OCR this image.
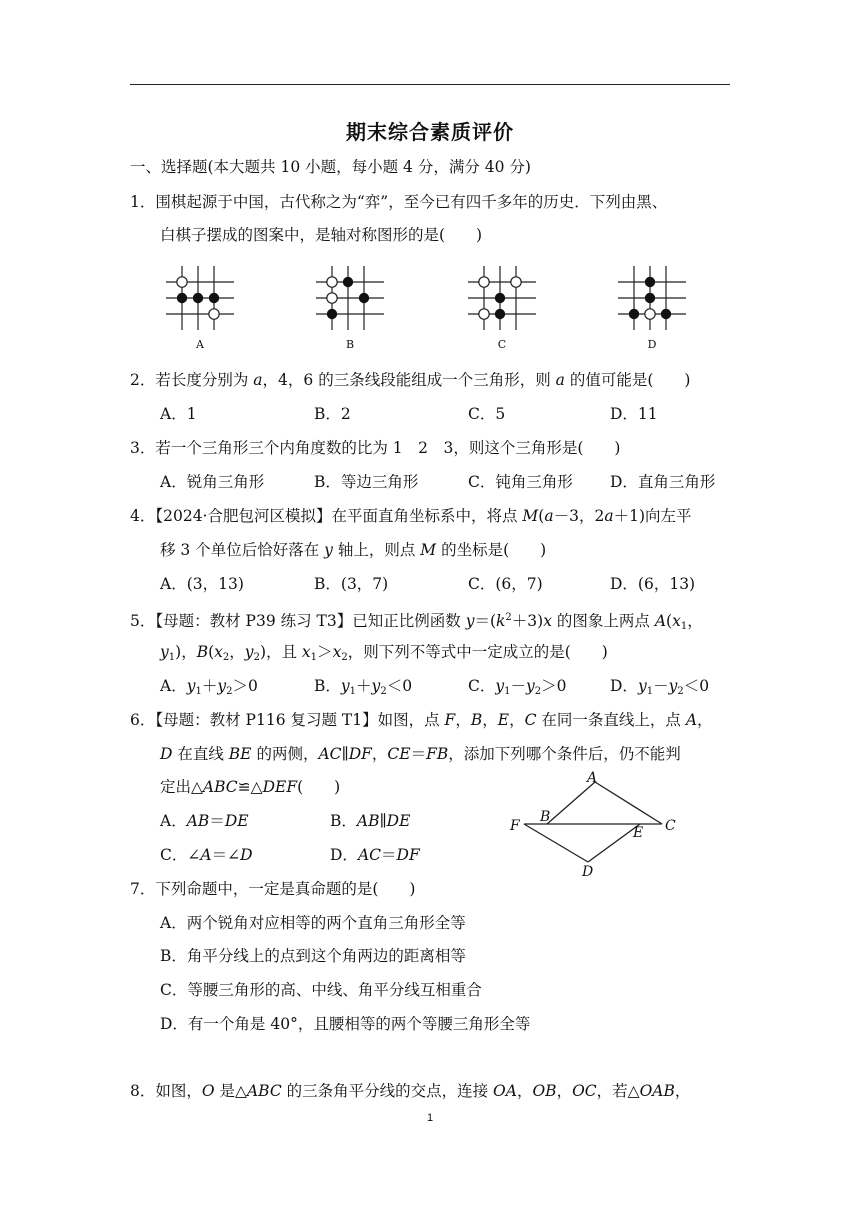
期末综合素质评价
一、选择题(本大题共 10 小题，每小题 4 分，满分 40 分)
1．围棋起源于中国，古代称之为“弈”，至今已有四千多年的历史．下列由黑、
白棋子摆成的图案中，是轴对称图形的是(　　)
A	B	C	D
2．若长度分别为 a，4，6 的三条线段能组成一个三角形，则 a 的值可能是(　　)
A．1	B．2	C．5	D．11
3．若一个三角形三个内角度数的比为 1　2　3，则这个三角形是(　　)
A．锐角三角形	B．等边三角形	C．钝角三角形 D．直角三角形
4．【2024·合肥包河区模拟】在平面直角坐标系中，将点 M(a－3，2a＋1)向左平
移 3 个单位后恰好落在 y 轴上，则点 M 的坐标是(　　)
A．(3，13)	B．(3，7)	C．(6，7)	D．(6，13)
5．【母题：教材 P39 练习 T3】已知正比例函数 $y=(k^2+3)x$ 的图象上两点 $A(x_1$，
$y_1$)，$B(x_2$，$y_2$)，且 $x_1>x_2$，则下列不等式中一定成立的是(　　)
A．$y_1+y_2>0$	B．$y_1+y_2<0$	C．$y_1-y_2>0$	D．$y_1-y_2<0$
6．【母题：教材 P116 复习题 T1】如图，点 F，B，E，C 在同一条直线上，点 A，
D 在直线 BE 的两侧，AC∥DF，CE＝FB，添加下列哪个条件后，仍不能判
定出△ABC≌△DEF(　　)
A．AB＝DE	B．AB∥DE
C．∠A＝∠D	D．AC＝DF
A
B
C
D
E
F
7．下列命题中，一定是真命题的是(　　)
A．两个锐角对应相等的两个直角三角形全等
B．角平分线上的点到这个角两边的距离相等
C．等腰三角形的高、中线、角平分线互相重合
D．有一个角是 40°，且腰相等的两个等腰三角形全等
8．如图，O 是△ABC 的三条角平分线的交点，连接 OA，OB，OC，若△OAB，
1
